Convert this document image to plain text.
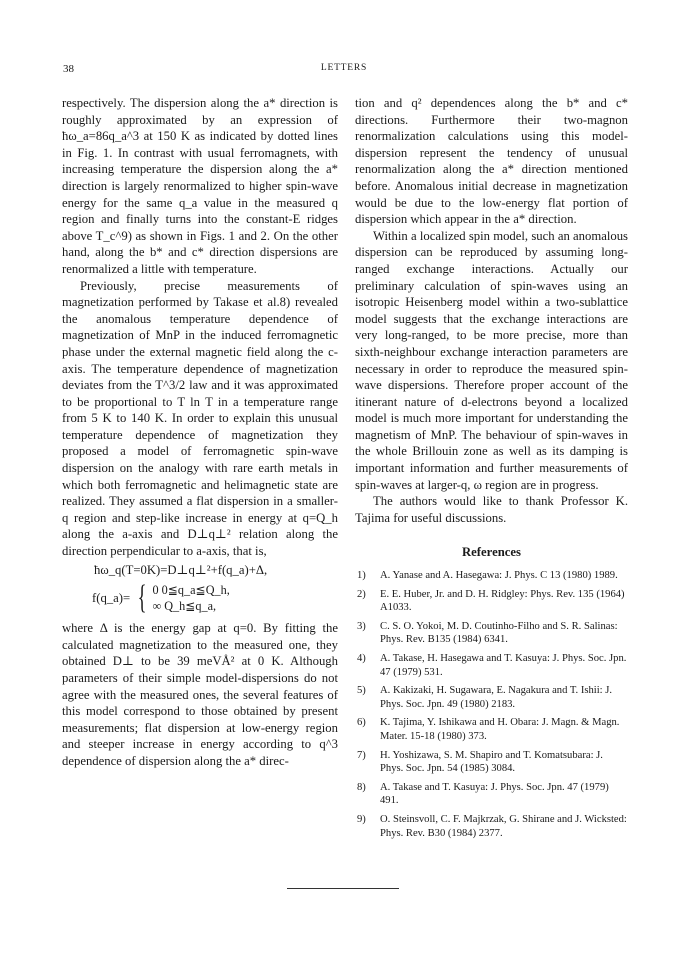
LETTERS
38

respectively. The dispersion along the a* direction is roughly approximated by an expression of ħω_a=86q_a^3 at 150 K as indicated by dotted lines in Fig. 1. In contrast with usual ferromagnets, with increasing temperature the dispersion along the a* direction is largely renormalized to higher spin-wave energy for the same q_a value in the measured q region and finally turns into the constant-E ridges above T_c^9) as shown in Figs. 1 and 2. On the other hand, along the b* and c* direction dispersions are renormalized a little with temperature.

Previously, precise measurements of magnetization performed by Takase et al.8) revealed the anomalous temperature dependence of magnetization of MnP in the induced ferromagnetic phase under the external magnetic field along the c-axis. The temperature dependence of magnetization deviates from the T^3/2 law and it was approximated to be proportional to T ln T in a temperature range from 5 K to 140 K. In order to explain this unusual temperature dependence of magnetization they proposed a model of ferromagnetic spin-wave dispersion on the analogy with rare earth metals in which both ferromagnetic and helimagnetic state are realized. They assumed a flat dispersion in a smaller-q region and step-like increase in energy at q=Q_h along the a-axis and D⊥q⊥² relation along the direction perpendicular to a-axis, that is,

ħω_q(T=0K)=D⊥q⊥²+f(q_a)+Δ,
f(q_a)= { 0 0≦q_a≦Q_h,
∞ Q_h≦q_a,

where Δ is the energy gap at q=0. By fitting the calculated magnetization to the measured one, they obtained D⊥ to be 39 meVÅ² at 0 K. Although parameters of their simple model-dispersions do not agree with the measured ones, the several features of this model correspond to those obtained by present measurements; flat dispersion at low-energy region and steeper increase in energy according to q^3 dependence of dispersion along the a* direc-

tion and q² dependences along the b* and c* directions. Furthermore their two-magnon renormalization calculations using this model-dispersion represent the tendency of unusual renormalization along the a* direction mentioned before. Anomalous initial decrease in magnetization would be due to the low-energy flat portion of dispersion which appear in the a* direction.

Within a localized spin model, such an anomalous dispersion can be reproduced by assuming long-ranged exchange interactions. Actually our preliminary calculation of spin-waves using an isotropic Heisenberg model within a two-sublattice model suggests that the exchange interactions are very long-ranged, to be more precise, more than sixth-neighbour exchange interaction parameters are necessary in order to reproduce the measured spin-wave dispersions. Therefore proper account of the itinerant nature of d-electrons beyond a localized model is much more important for understanding the magnetism of MnP. The behaviour of spin-waves in the whole Brillouin zone as well as its damping is important information and further measurements of spin-waves at larger-q, ω region are in progress.

The authors would like to thank Professor K. Tajima for useful discussions.

References
1)	A. Yanase and A. Hasegawa: J. Phys. C 13 (1980) 1989.
2)	E. E. Huber, Jr. and D. H. Ridgley: Phys. Rev. 135 (1964) A1033.
3)	C. S. O. Yokoi, M. D. Coutinho-Filho and S. R. Salinas: Phys. Rev. B135 (1984) 6341.
4)	A. Takase, H. Hasegawa and T. Kasuya: J. Phys. Soc. Jpn. 47 (1979) 531.
5)	A. Kakizaki, H. Sugawara, E. Nagakura and T. Ishii: J. Phys. Soc. Jpn. 49 (1980) 2183.
6)	K. Tajima, Y. Ishikawa and H. Obara: J. Magn. & Magn. Mater. 15-18 (1980) 373.
7)	H. Yoshizawa, S. M. Shapiro and T. Komatsubara: J. Phys. Soc. Jpn. 54 (1985) 3084.
8)	A. Takase and T. Kasuya: J. Phys. Soc. Jpn. 47 (1979) 491.
9)	O. Steinsvoll, C. F. Majkrzak, G. Shirane and J. Wicksted: Phys. Rev. B30 (1984) 2377.
